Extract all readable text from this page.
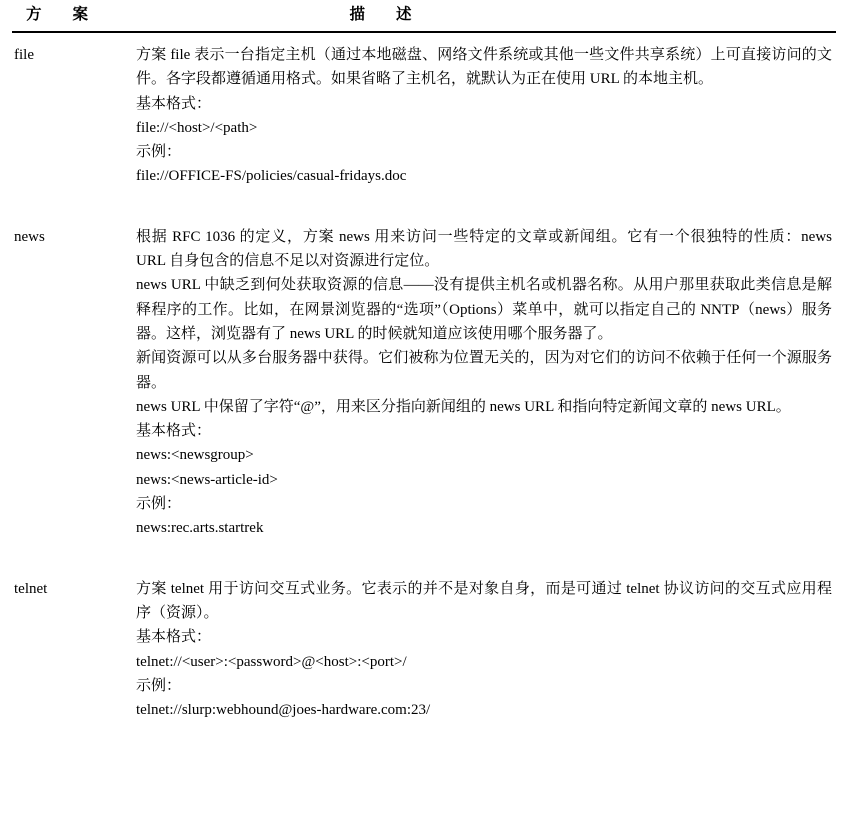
方　　案	描　　述

file	方案 file 表示一台指定主机（通过本地磁盘、网络文件系统或其他一些文件共享系统）上可直接访问的文件。各字段都遵循通用格式。如果省略了主机名，就默认为正在使用 URL 的本地主机。

基本格式：

file://<host>/<path>

示例：

file://OFFICE-FS/policies/casual-fridays.doc

news	根据 RFC 1036 的定义，方案 news 用来访问一些特定的文章或新闻组。它有一个很独特的性质：news URL 自身包含的信息不足以对资源进行定位。

news URL 中缺乏到何处获取资源的信息——没有提供主机名或机器名称。从用户那里获取此类信息是解释程序的工作。比如，在网景浏览器的“选项”（Options）菜单中，就可以指定自己的 NNTP（news）服务器。这样，浏览器有了 news URL 的时候就知道应该使用哪个服务器了。

新闻资源可以从多台服务器中获得。它们被称为位置无关的，因为对它们的访问不依赖于任何一个源服务器。

news URL 中保留了字符“@”，用来区分指向新闻组的 news URL 和指向特定新闻文章的 news URL。

基本格式：

news:<newsgroup>

news:<news-article-id>

示例：

news:rec.arts.startrek

telnet	方案 telnet 用于访问交互式业务。它表示的并不是对象自身，而是可通过 telnet 协议访问的交互式应用程序（资源）。

基本格式：

telnet://<user>:<password>@<host>:<port>/

示例：

telnet://slurp:webhound@joes-hardware.com:23/
